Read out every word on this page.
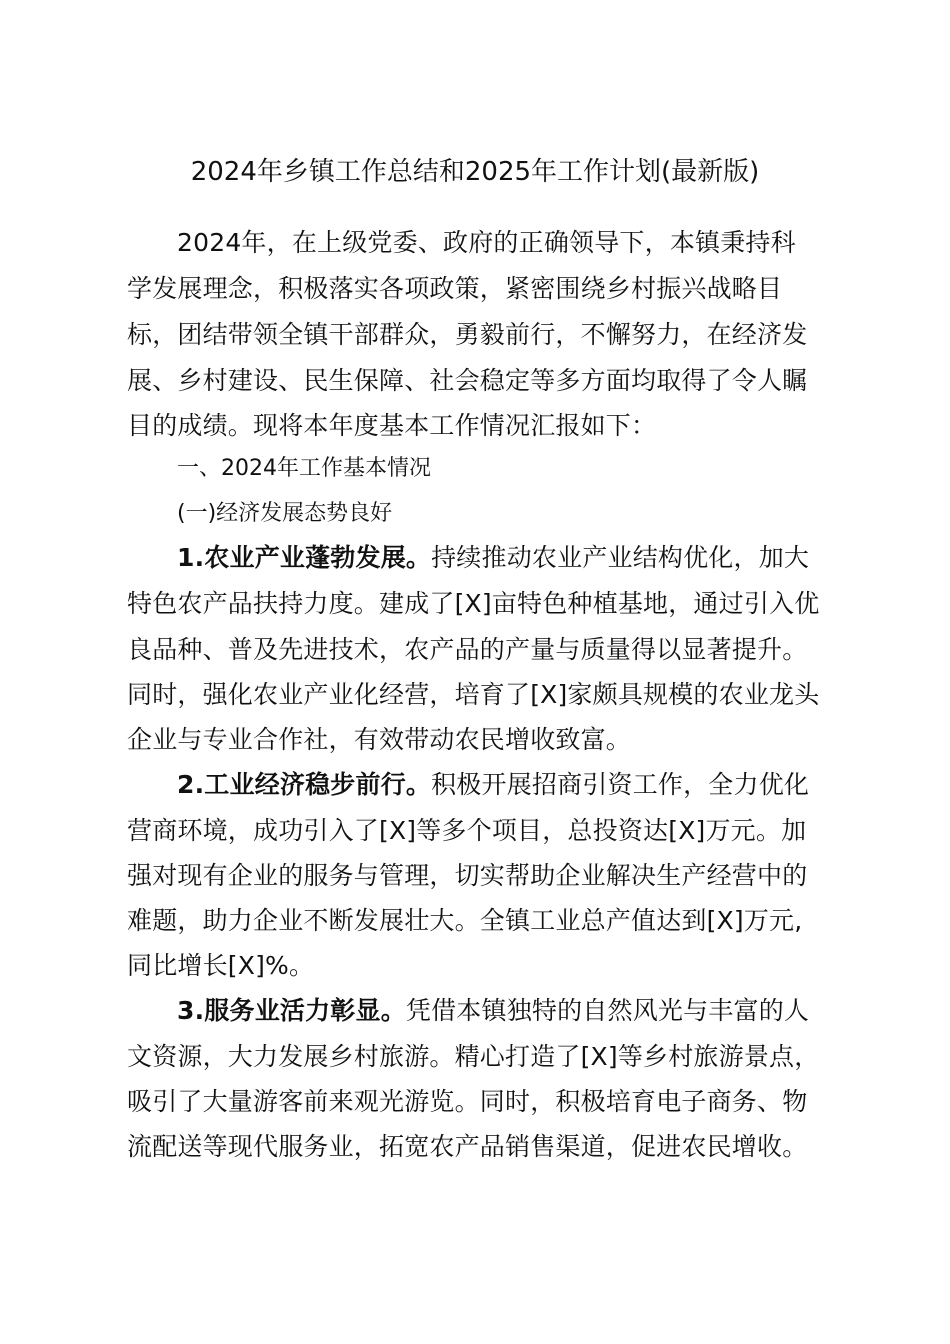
2024年乡镇工作总结和2025年工作计划(最新版)
2024年，在上级党委、政府的正确领导下，本镇秉持科
学发展理念，积极落实各项政策，紧密围绕乡村振兴战略目
标，团结带领全镇干部群众，勇毅前行，不懈努力，在经济发
展、乡村建设、民生保障、社会稳定等多方面均取得了令人瞩
目的成绩。现将本年度基本工作情况汇报如下：
一、2024年工作基本情况
(一)经济发展态势良好
1.农业产业蓬勃发展。持续推动农业产业结构优化，加大
特色农产品扶持力度。建成了[X]亩特色种植基地，通过引入优
良品种、普及先进技术，农产品的产量与质量得以显著提升。
同时，强化农业产业化经营，培育了[X]家颇具规模的农业龙头
企业与专业合作社，有效带动农民增收致富。
2.工业经济稳步前行。积极开展招商引资工作，全力优化
营商环境，成功引入了[X]等多个项目，总投资达[X]万元。加
强对现有企业的服务与管理，切实帮助企业解决生产经营中的
难题，助力企业不断发展壮大。全镇工业总产值达到[X]万元,
同比增长[X]%。
3.服务业活力彰显。凭借本镇独特的自然风光与丰富的人
文资源，大力发展乡村旅游。精心打造了[X]等乡村旅游景点，
吸引了大量游客前来观光游览。同时，积极培育电子商务、物
流配送等现代服务业，拓宽农产品销售渠道，促进农民增收。
